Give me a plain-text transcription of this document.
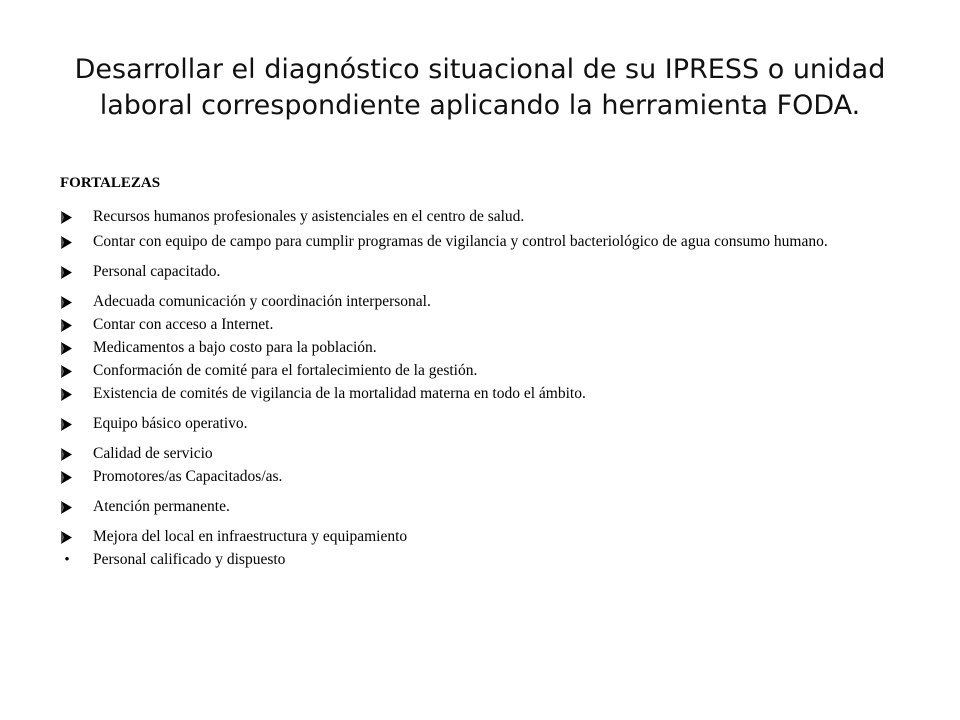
Desarrollar el diagnóstico situacional de su IPRESS o unidad
laboral correspondiente aplicando la herramienta FODA.
FORTALEZAS
Recursos humanos profesionales y asistenciales en el centro de salud.
Contar con equipo de campo para cumplir programas de vigilancia y control bacteriológico de agua consumo humano.
Personal capacitado.
Adecuada comunicación y coordinación interpersonal.
Contar con acceso a Internet.
Medicamentos a bajo costo para la población.
Conformación de comité para el fortalecimiento de la gestión.
Existencia de comités de vigilancia de la mortalidad materna en todo el ámbito.
Equipo básico operativo.
Calidad de servicio
Promotores/as Capacitados/as.
Atención permanente.
Mejora del local en infraestructura y equipamiento
• Personal calificado y dispuesto
